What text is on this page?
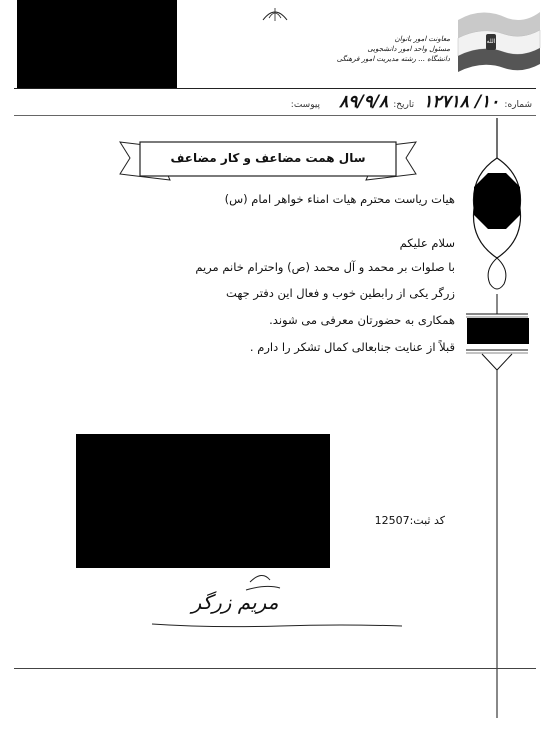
معاونت امور بانوان
مسئول واحد امور دانشجویی
دانشگاه ... رشته مدیریت امور فرهنگی
الله
شماره: ۱۰/ ۱۲۷۱۸ تاریخ: ۸۹/۹/۸ پیوست:
سال همت مضاعف و کار مضاعف
هیات ریاست محترم هیات امناء خواهر امام (س)
سلام علیکم
با صلوات بر محمد و آل محمد (ص) واحترام خانم مریم
زرگر یکی از رابطین خوب و فعال این دفتر جهت
همکاری به حضورتان معرفی می شوند.
قبلاً از عنایت جنابعالی کمال تشکر را دارم .
کد ثبت:12507
مریم زرگر
